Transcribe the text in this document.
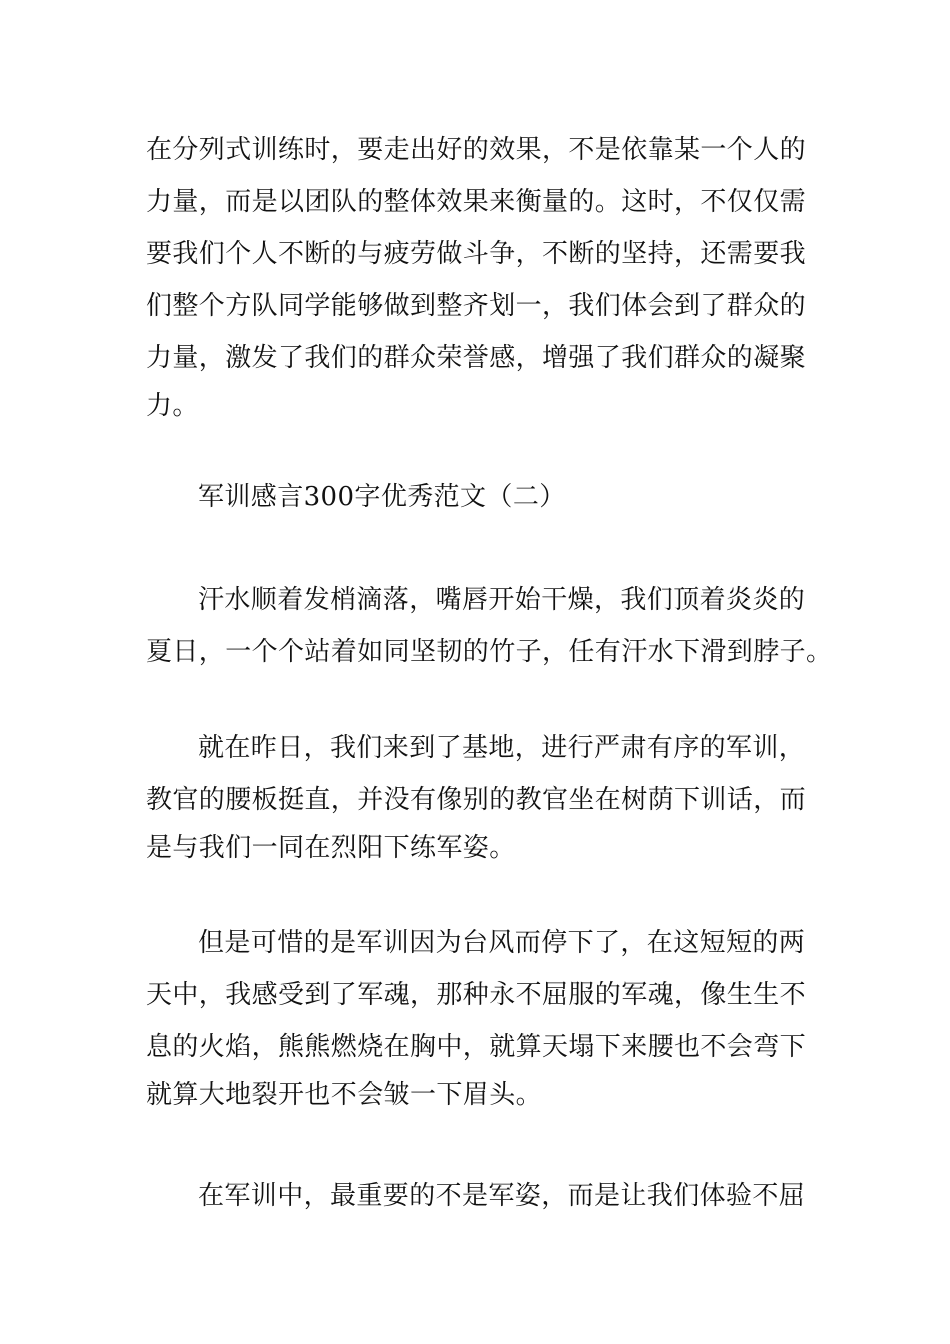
在分列式训练时，要走出好的效果，不是依靠某一个人的
力量，而是以团队的整体效果来衡量的。这时，不仅仅需
要我们个人不断的与疲劳做斗争，不断的坚持，还需要我
们整个方队同学能够做到整齐划一，我们体会到了群众的
力量，激发了我们的群众荣誉感，增强了我们群众的凝聚
力。
军训感言300字优秀范文（二）
汗水顺着发梢滴落，嘴唇开始干燥，我们顶着炎炎的
夏日，一个个站着如同坚韧的竹子，任有汗水下滑到脖子。
就在昨日，我们来到了基地，进行严肃有序的军训，
教官的腰板挺直，并没有像别的教官坐在树荫下训话，而
是与我们一同在烈阳下练军姿。
但是可惜的是军训因为台风而停下了，在这短短的两
天中，我感受到了军魂，那种永不屈服的军魂，像生生不
息的火焰，熊熊燃烧在胸中，就算天塌下来腰也不会弯下
就算大地裂开也不会皱一下眉头。
在军训中，最重要的不是军姿，而是让我们体验不屈
